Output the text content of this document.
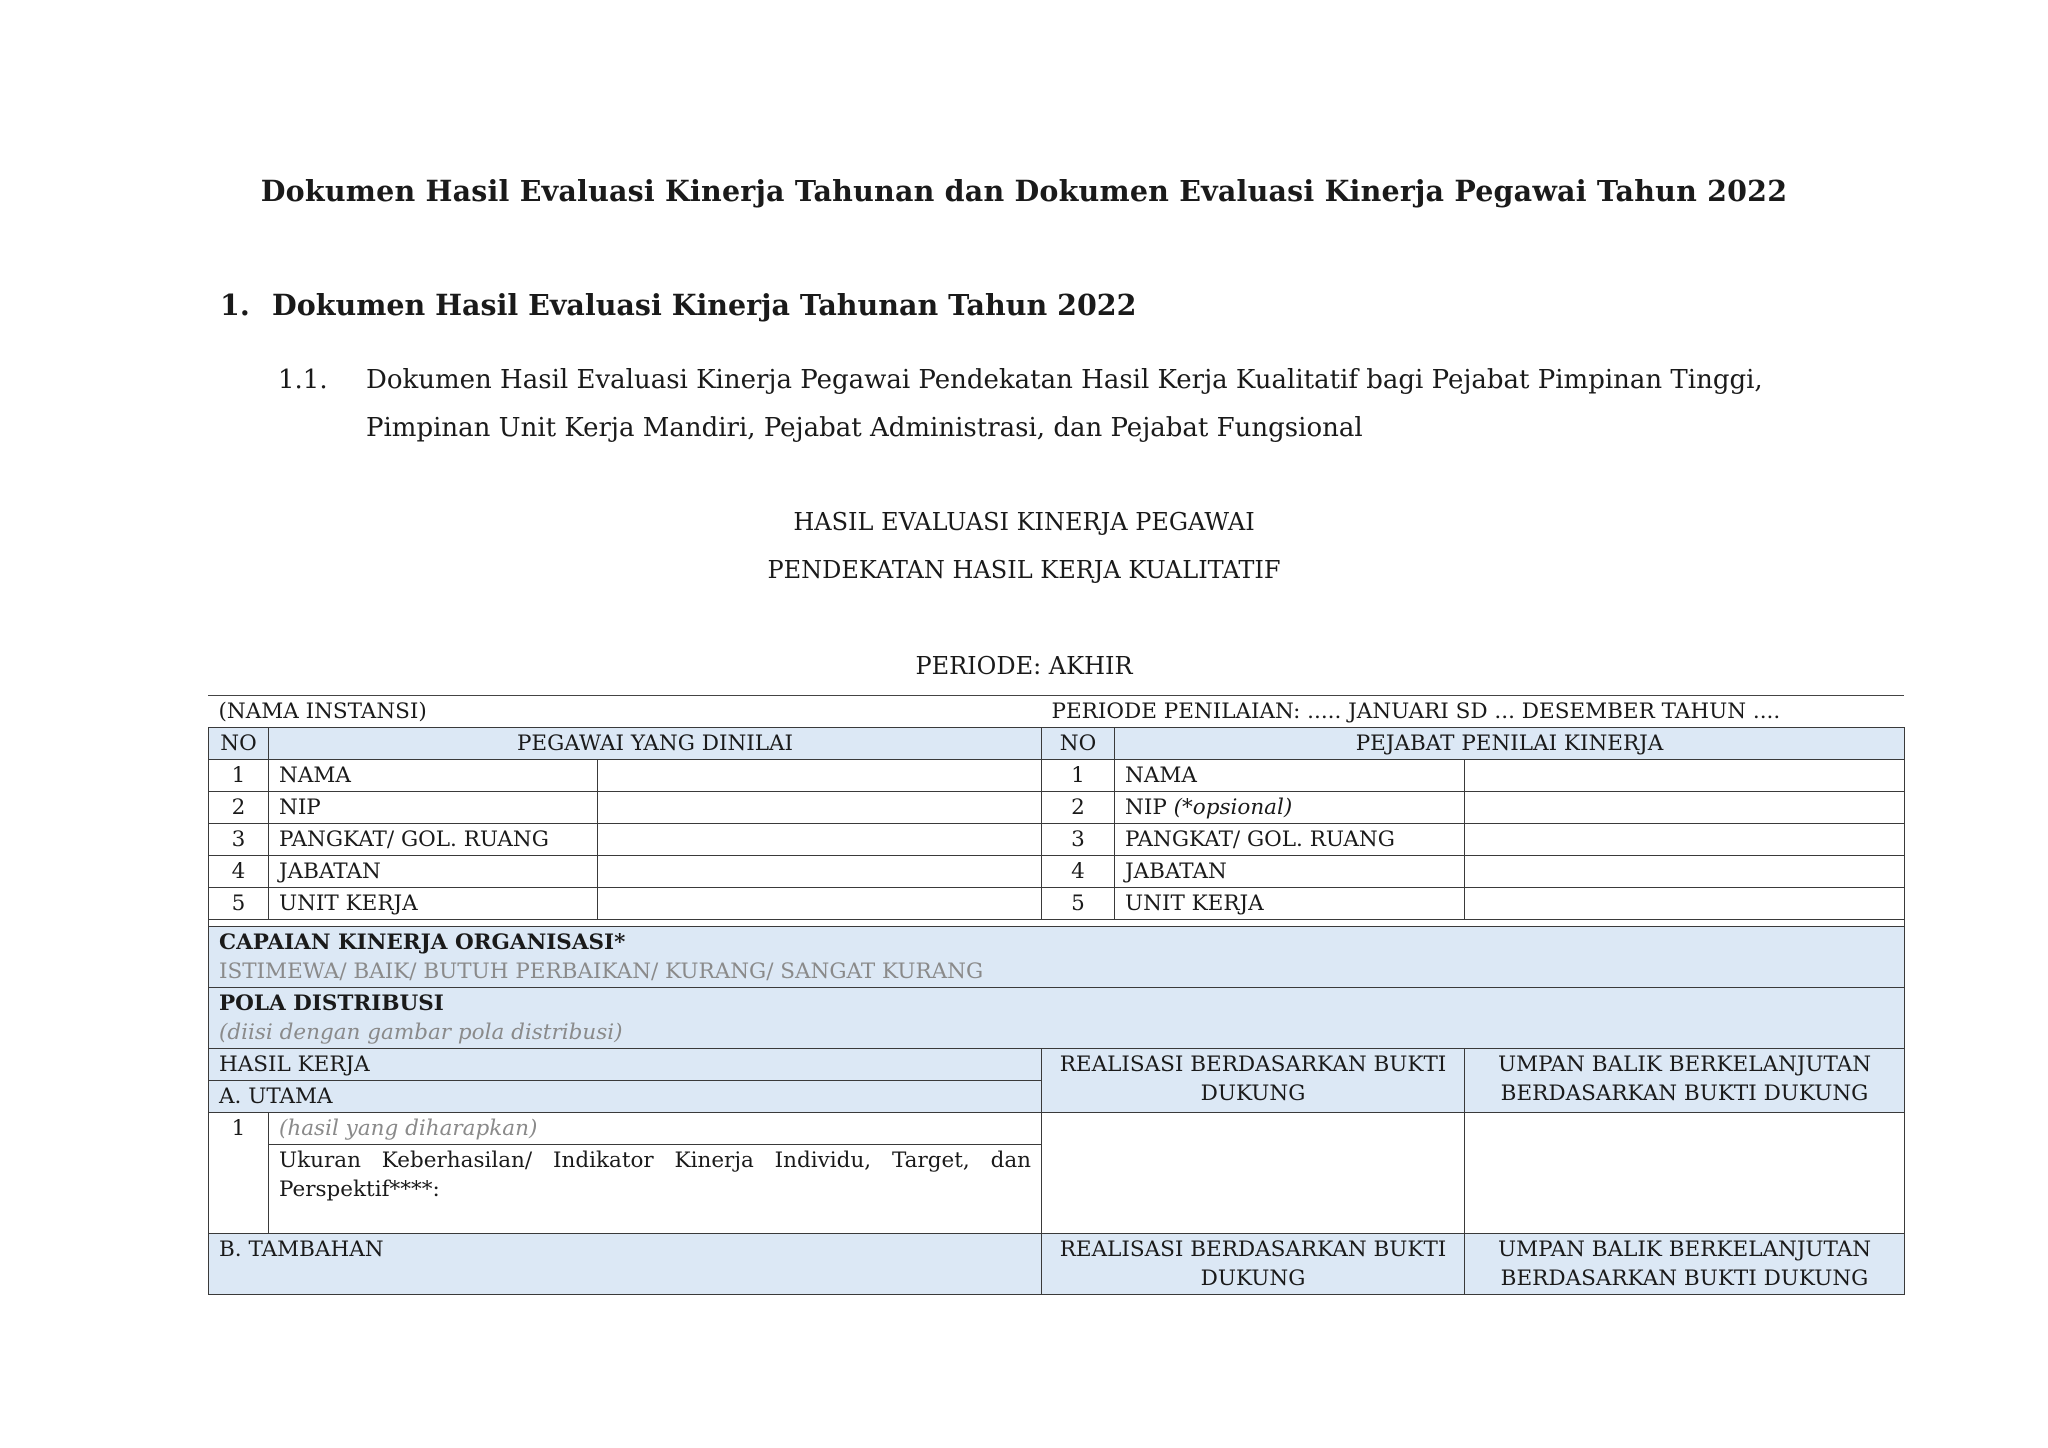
Dokumen Hasil Evaluasi Kinerja Tahunan dan Dokumen Evaluasi Kinerja Pegawai Tahun 2022
1. Dokumen Hasil Evaluasi Kinerja Tahunan Tahun 2022
1.1. Dokumen Hasil Evaluasi Kinerja Pegawai Pendekatan Hasil Kerja Kualitatif bagi Pejabat Pimpinan Tinggi, Pimpinan Unit Kerja Mandiri, Pejabat Administrasi, dan Pejabat Fungsional
HASIL EVALUASI KINERJA PEGAWAI
PENDEKATAN HASIL KERJA KUALITATIF
PERIODE: AKHIR
(NAMA INSTANSI)			PERIODE PENILAIAN: ..... JANUARI SD ... DESEMBER TAHUN ....		
NO	PEGAWAI YANG DINILAI		NO	PEJABAT PENILAI KINERJA	
1	NAMA		1	NAMA	
2	NIP		2	NIP (*opsional)	
3	PANGKAT/ GOL. RUANG		3	PANGKAT/ GOL. RUANG	
4	JABATAN		4	JABATAN	
5	UNIT KERJA		5	UNIT KERJA	

CAPAIAN KINERJA ORGANISASI*
ISTIMEWA/ BAIK/ BUTUH PERBAIKAN/ KURANG/ SANGAT KURANG					

POLA DISTRIBUSI
(diisi dengan gambar pola distribusi)					

HASIL KERJA			REALISASI BERDASARKAN BUKTI DUKUNG		UMPAN BALIK BERKELANJUTAN BERDASARKAN BUKTI DUKUNG
A. UTAMA					
1	(hasil yang diharapkan)				
	Ukuran Keberhasilan/ Indikator Kinerja Individu, Target, dan Perspektif****:				
B. TAMBAHAN			REALISASI BERDASARKAN BUKTI DUKUNG		UMPAN BALIK BERKELANJUTAN BERDASARKAN BUKTI DUKUNG
